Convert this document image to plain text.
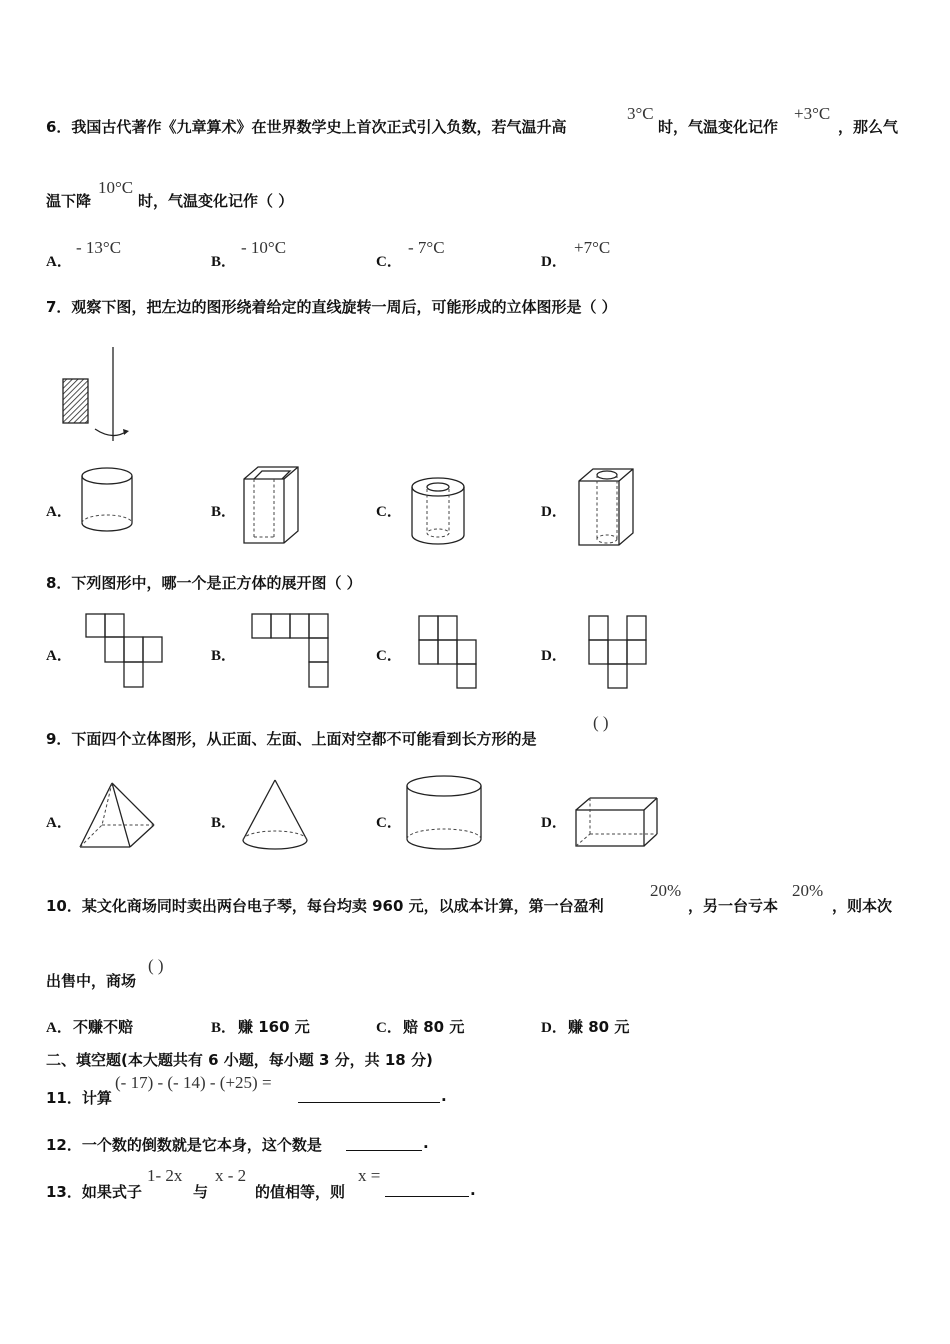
6．我国古代著作《九章算术》在世界数学史上首次正式引入负数，若气温升高
3°C
时，气温变化记作
+3°C
，那么气
温下降
10°C
时，气温变化记作（ ）
A．
- 13°C
B．
- 10°C
C．
- 7°C
D．
+7°C
7．观察下图，把左边的图形绕着给定的直线旋转一周后，可能形成的立体图形是（ ）
A．	B．	C．	D．
8．下列图形中，哪一个是正方体的展开图（ ）
A．	B．	C．	D．
9．下面四个立体图形，从正面、左面、上面对空都不可能看到长方形的是
( )
A．	B．	C．	D．
10．某文化商场同时卖出两台电子琴，每台均卖 960 元，以成本计算，第一台盈利
20%
，另一台亏本
20%
，则本次
出售中，商场
( )
A． 不赚不赔	B． 赚 160 元	C． 赔 80 元	D． 赚 80 元
二、填空题(本大题共有 6 小题，每小题 3 分，共 18 分)
11．计算
(- 17) - (- 14) - (+25) =
.
12．一个数的倒数就是它本身，这个数是	.
13．如果式子
1- 2x
与
x - 2
的值相等，则
x =
.
